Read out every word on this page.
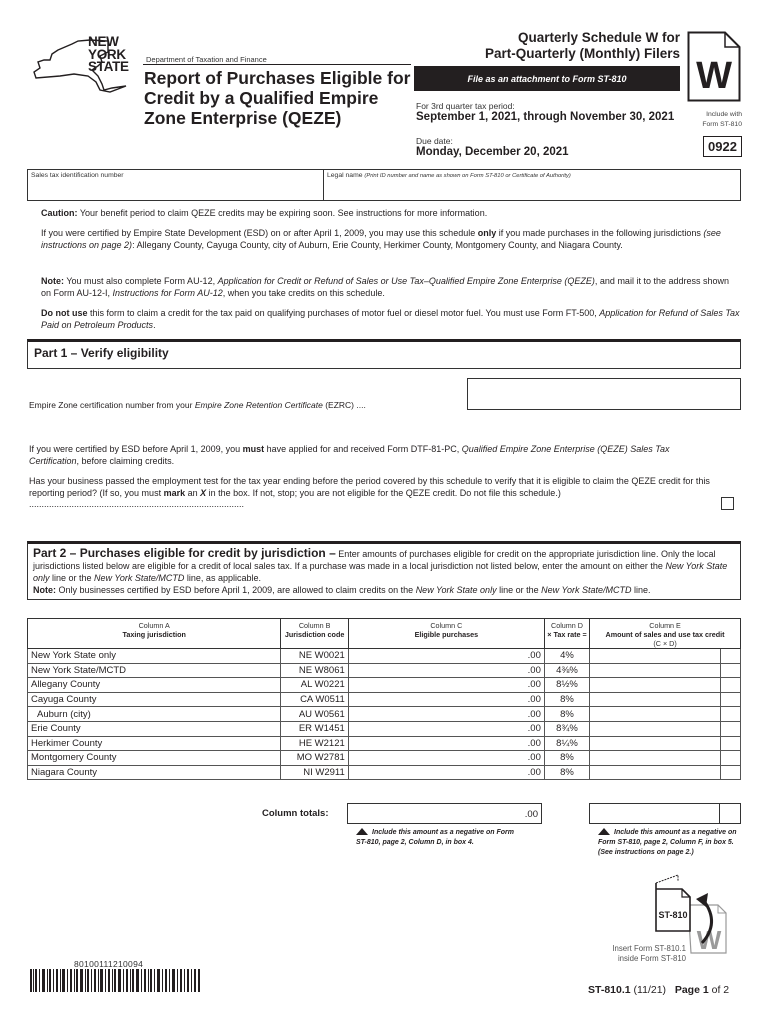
NEW
YORK
STATE Department of Taxation and Finance
Report of Purchases Eligible for
Credit by a Qualified Empire
Zone Enterprise (QEZE)
Quarterly Schedule W for
Part-Quarterly (Monthly) Filers
File as an attachment to Form ST-810
For 3rd quarter tax period:
September 1, 2021, through November 30, 2021
Due date:
Monday, December 20, 2021
W
Include with
Form ST-810
0922
Sales tax identification number	Legal name (Print ID number and name as shown on Form ST-810 or Certificate of Authority)
Caution: Your benefit period to claim QEZE credits may be expiring soon. See instructions for more information.
If you were certified by Empire State Development (ESD) on or after April 1, 2009, you may use this schedule only if you made purchases in the following jurisdictions (see instructions on page 2): Allegany County, Cayuga County, city of Auburn, Erie County, Herkimer County, Montgomery County, and Niagara County.
Note: You must also complete Form AU-12, Application for Credit or Refund of Sales or Use Tax–Qualified Empire Zone Enterprise (QEZE), and mail it to the address shown on Form AU-12-I, Instructions for Form AU-12, when you take credits on this schedule.
Do not use this form to claim a credit for the tax paid on qualifying purchases of motor fuel or diesel motor fuel. You must use Form FT-500, Application for Refund of Sales Tax Paid on Petroleum Products.
Part 1 – Verify eligibility
Empire Zone certification number from your Empire Zone Retention Certificate (EZRC) ....
If you were certified by ESD before April 1, 2009, you must have applied for and received Form DTF-81-PC, Qualified Empire Zone Enterprise (QEZE) Sales Tax Certification, before claiming credits.
Has your business passed the employment test for the tax year ending before the period covered by this schedule to verify that it is eligible to claim the QEZE credit for this reporting period? (If so, you must mark an X in the box. If not, stop; you are not eligible for the QEZE credit. Do not file this schedule.) ......................................................................................
Part 2 – Purchases eligible for credit by jurisdiction – Enter amounts of purchases eligible for credit on the appropriate jurisdiction line. Only the local jurisdictions listed below are eligible for a credit of local sales tax. If a purchase was made in a local jurisdiction not listed below, enter the amount on either the New York State only line or the New York State/MCTD line, as applicable.
Note: Only businesses certified by ESD before April 1, 2009, are allowed to claim credits on the New York State only line or the New York State/MCTD line.
Column A
Taxing jurisdiction	
Column B
Jurisdiction code	
Column C
Eligible purchases	
Column D
× Tax rate =	
Column E
Amount of sales and use tax credit
(C × D)

New York State only	NE W0021	.00	4%		
New York State/MCTD	NE W8061	.00	4⅜%		
Allegany County	AL W0221	.00	8½%		
Cayuga County	CA W0511	.00	8%		
Auburn (city)	AU W0561	.00	8%		
Erie County	ER W1451	.00	8¾%		
Herkimer County	HE W2121	.00	8¼%		
Montgomery County	MO W2781	.00	8%		
Niagara County	NI W2911	.00	8%		
Column totals:	.00
Include this amount as a negative on Form ST-810, page 2, Column D, in box 4.
Include this amount as a negative on Form ST-810, page 2, Column F, in box 5. (See instructions on page 2.)
W
ST-810
Insert Form ST-810.1
inside Form ST-810
80100111210094
ST-810.1 (11/21) Page 1 of 2
